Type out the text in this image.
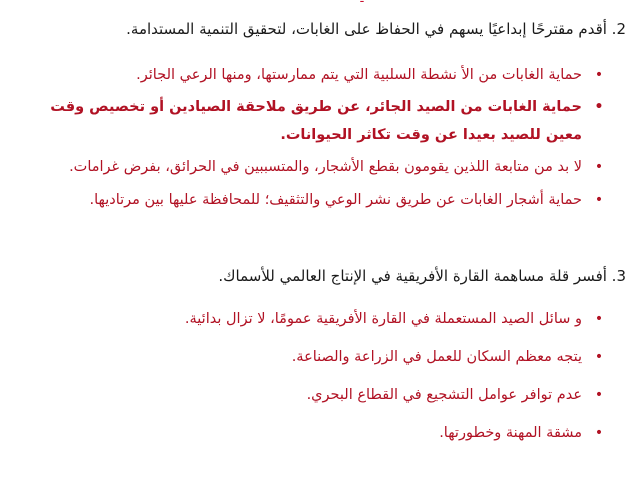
-
2. أقدم مقترحًا إبداعيًا يسهم في الحفاظ على الغابات، لتحقيق التنمية المستدامة.
•
حماية الغابات من الأ نشطة السلبية التي يتم ممارستها، ومنها الرعي الجائر.
•
حماية الغابات من الصيد الجائر، عن طريق ملاحقة الصيادين أو تخصيص وقت معين للصيد بعيدا عن وقت تكاثر الحيوانات.
•
لا بد من متابعة اللذين يقومون بقطع الأشجار، والمتسببين في الحرائق، بفرض غرامات.
•
حماية أشجار الغابات عن طريق نشر الوعي والتثقيف؛ للمحافظة عليها بين مرتاديها.
3. أفسر قلة مساهمة القارة الأفريقية في الإنتاج العالمي للأسماك.
•
و سائل الصيد المستعملة في القارة الأفريقية عمومًا، لا تزال بدائية.
•
يتجه معظم السكان للعمل في الزراعة والصناعة.
•
عدم توافر عوامل التشجيع في القطاع البحري.
•
مشقة المهنة وخطورتها.
